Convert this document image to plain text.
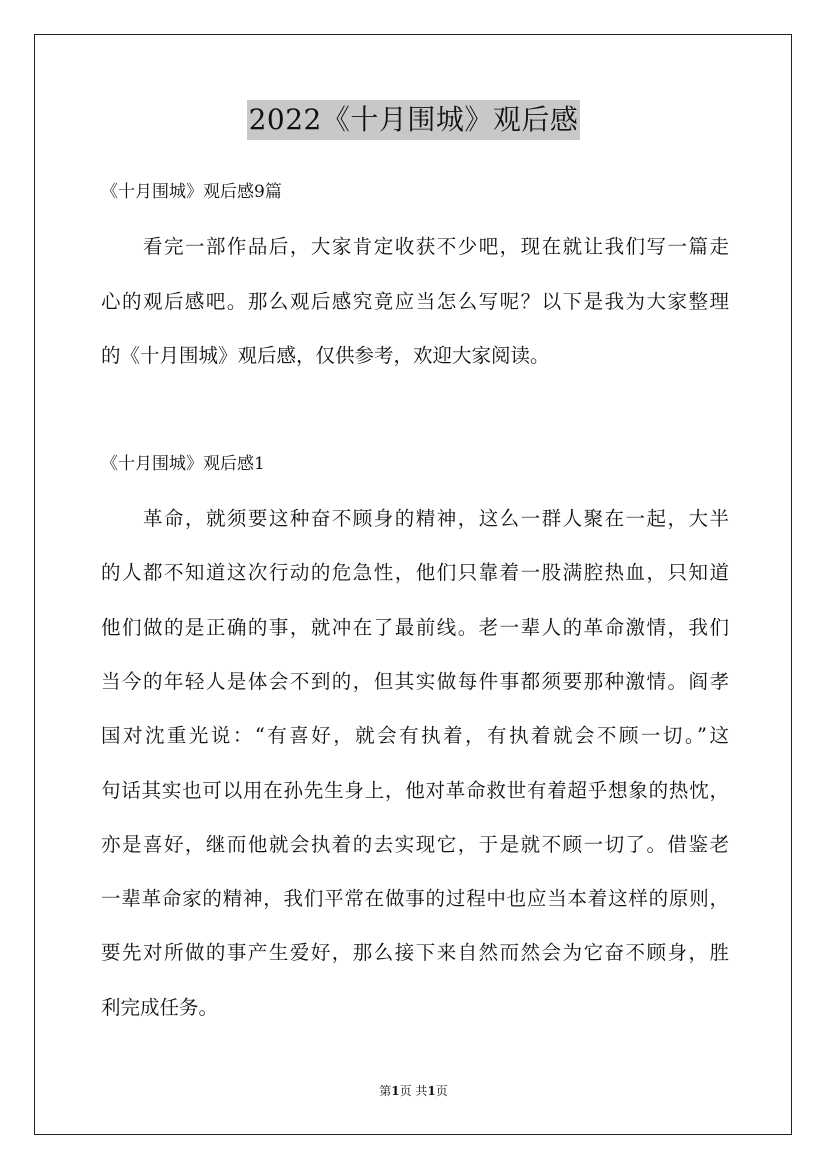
2022《十月围城》观后感
《十月围城》观后感9篇
看完一部作品后，大家肯定收获不少吧，现在就让我们写一篇走
心的观后感吧。那么观后感究竟应当怎么写呢？以下是我为大家整理
的《十月围城》观后感，仅供参考，欢迎大家阅读。
《十月围城》观后感1
革命，就须要这种奋不顾身的精神，这么一群人聚在一起，大半
的人都不知道这次行动的危急性，他们只靠着一股满腔热血，只知道
他们做的是正确的事，就冲在了最前线。老一辈人的革命激情，我们
当今的年轻人是体会不到的，但其实做每件事都须要那种激情。阎孝
国对沈重光说：“有喜好，就会有执着，有执着就会不顾一切。”这
句话其实也可以用在孙先生身上，他对革命救世有着超乎想象的热忱，
亦是喜好，继而他就会执着的去实现它，于是就不顾一切了。借鉴老
一辈革命家的精神，我们平常在做事的过程中也应当本着这样的原则，
要先对所做的事产生爱好，那么接下来自然而然会为它奋不顾身，胜
利完成任务。
第1页 共1页
